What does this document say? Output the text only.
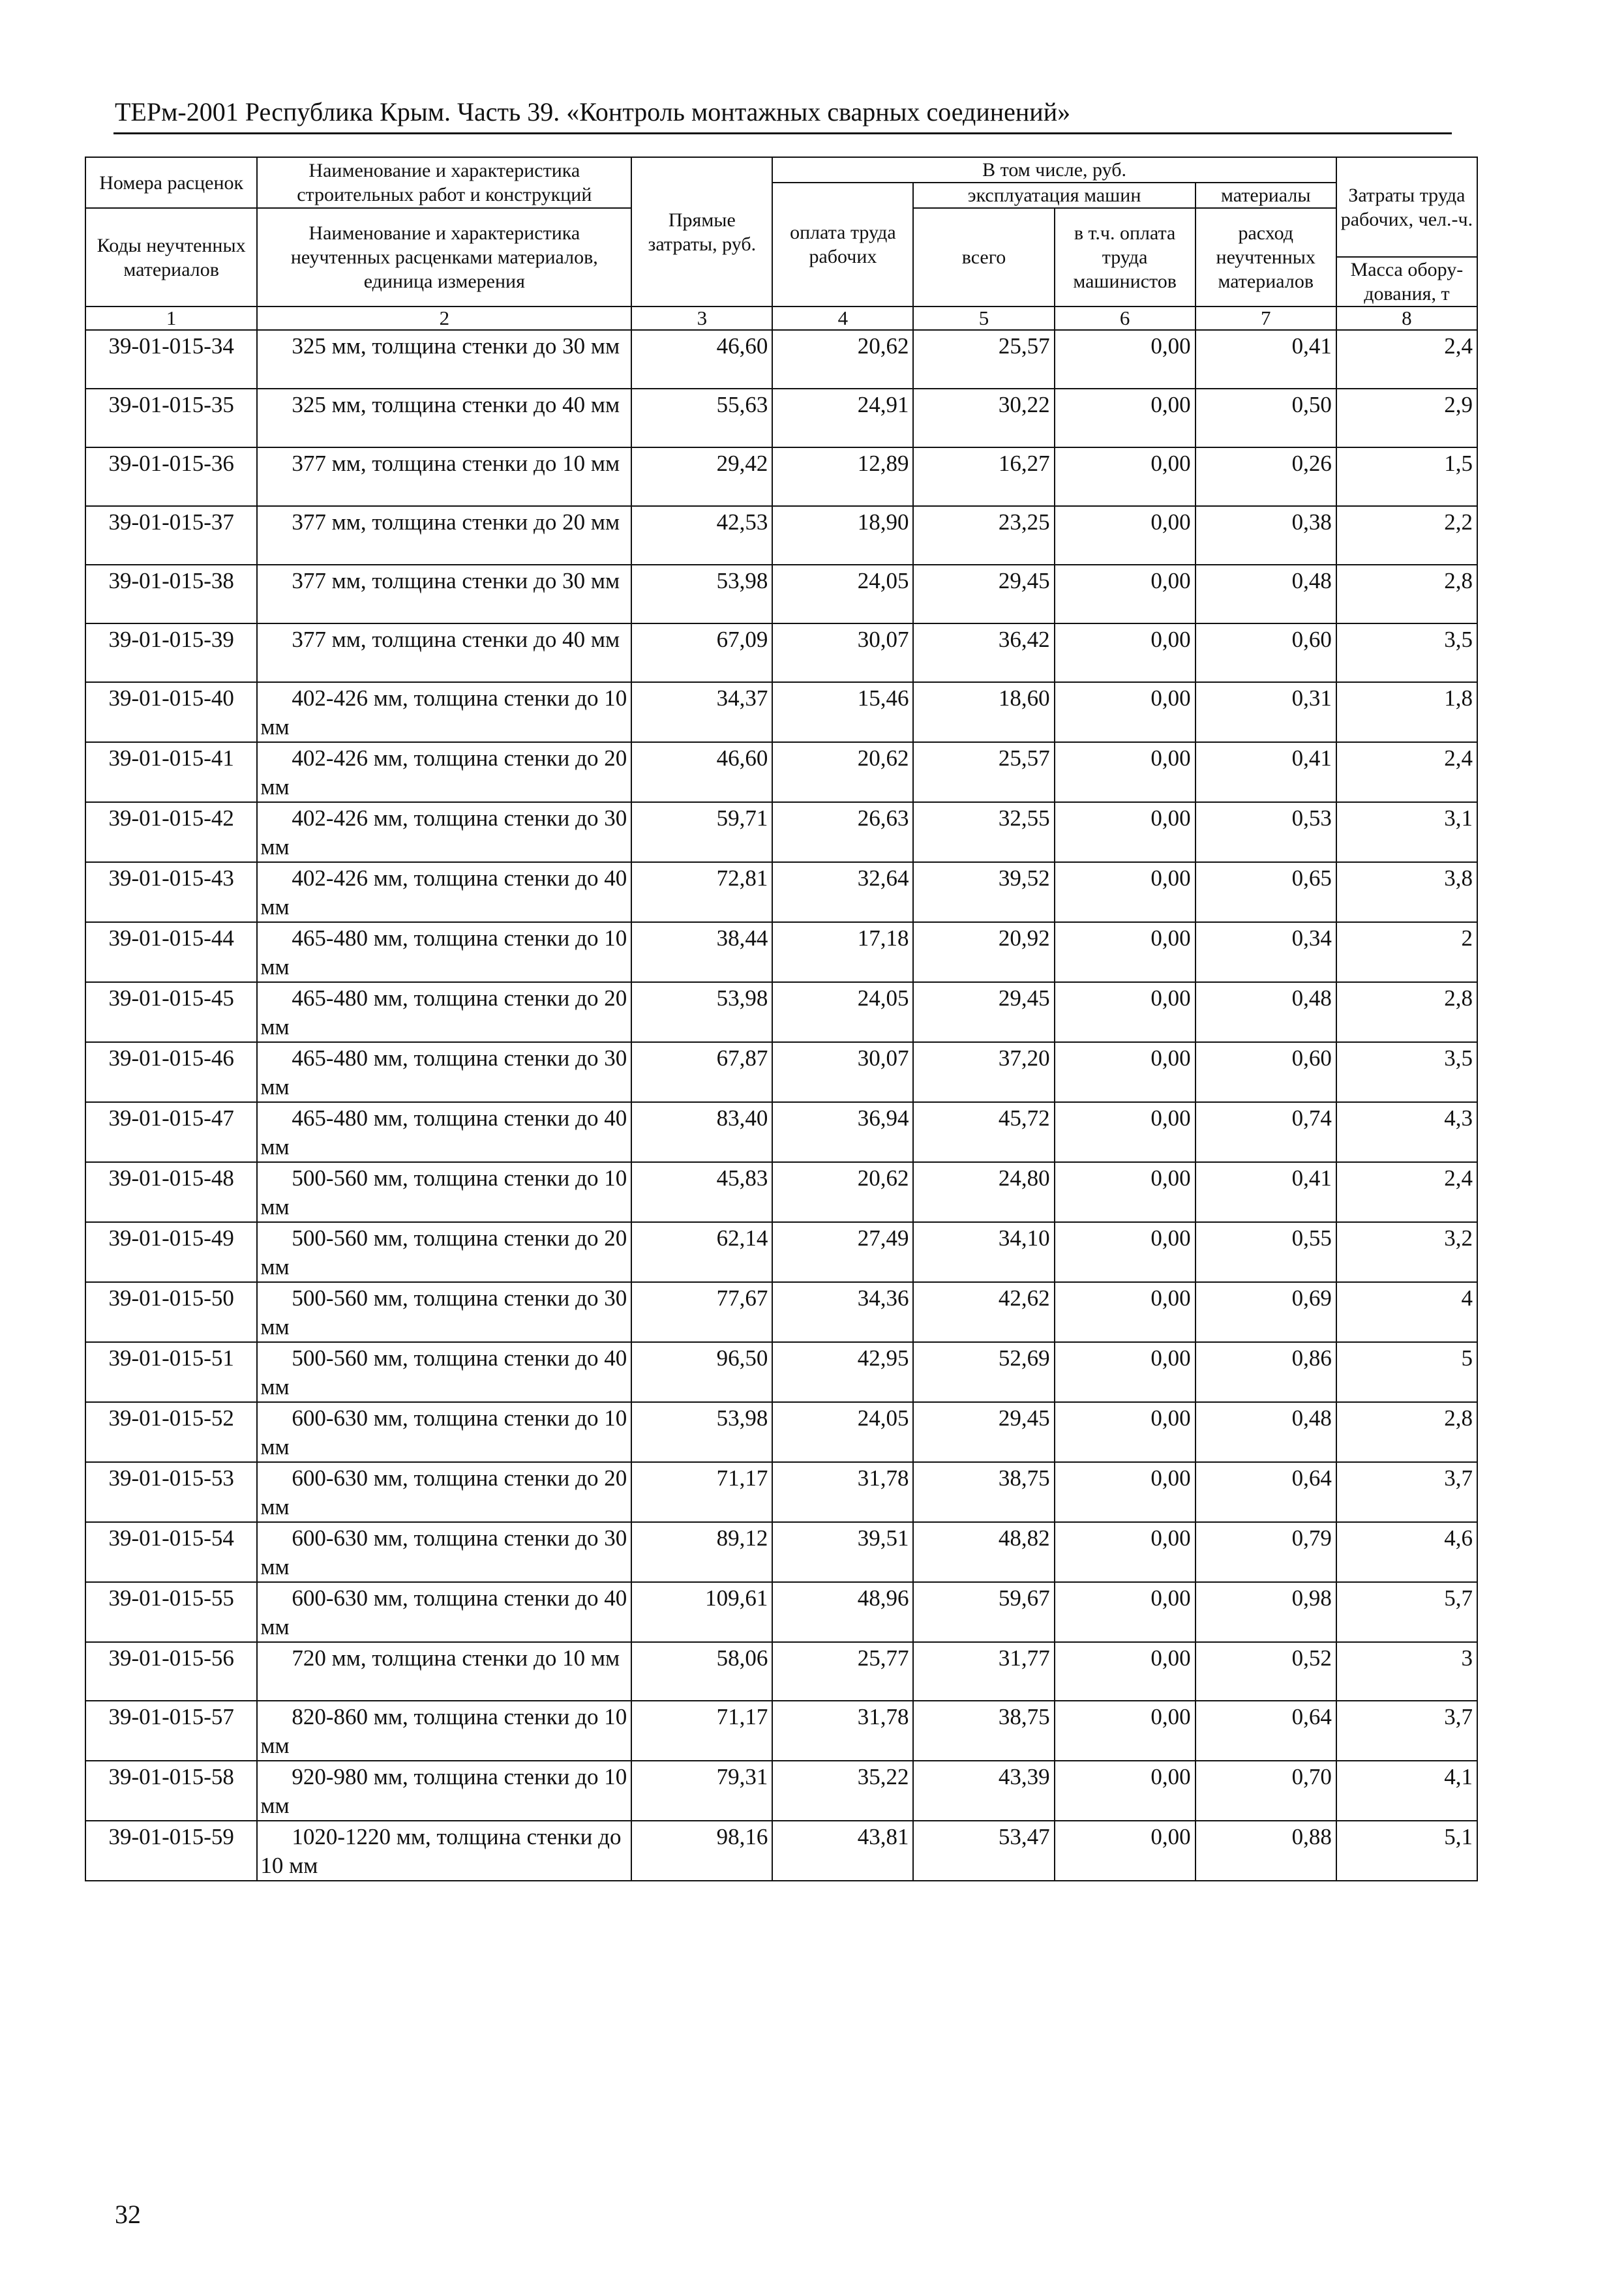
ТЕРм-2001 Республика Крым. Часть 39. «Контроль монтажных сварных соединений»
Номера расценок	Наименование и характеристика строительных работ и конструкций	Прямые затраты, руб.	В том числе, руб.				Затраты труда рабочих, чел.-ч.
			оплата труда рабочих	эксплуатация машин		материалы	
Коды неучтенных материалов	Наименование и характеристика неучтенных расценками материалов, единица измерения			всего	в т.ч. оплата труда машинистов	расход неучтенных материалов	
							Масса обору-дования, т
1	2	3	4	5	6	7	8
39-01-015-34	325 мм, толщина стенки до 30 мм	46,60	20,62	25,57	0,00	0,41	2,4
39-01-015-35	325 мм, толщина стенки до 40 мм	55,63	24,91	30,22	0,00	0,50	2,9
39-01-015-36	377 мм, толщина стенки до 10 мм	29,42	12,89	16,27	0,00	0,26	1,5
39-01-015-37	377 мм, толщина стенки до 20 мм	42,53	18,90	23,25	0,00	0,38	2,2
39-01-015-38	377 мм, толщина стенки до 30 мм	53,98	24,05	29,45	0,00	0,48	2,8
39-01-015-39	377 мм, толщина стенки до 40 мм	67,09	30,07	36,42	0,00	0,60	3,5
39-01-015-40	402-426 мм, толщина стенки до 10 мм	34,37	15,46	18,60	0,00	0,31	1,8
39-01-015-41	402-426 мм, толщина стенки до 20 мм	46,60	20,62	25,57	0,00	0,41	2,4
39-01-015-42	402-426 мм, толщина стенки до 30 мм	59,71	26,63	32,55	0,00	0,53	3,1
39-01-015-43	402-426 мм, толщина стенки до 40 мм	72,81	32,64	39,52	0,00	0,65	3,8
39-01-015-44	465-480 мм, толщина стенки до 10 мм	38,44	17,18	20,92	0,00	0,34	2
39-01-015-45	465-480 мм, толщина стенки до 20 мм	53,98	24,05	29,45	0,00	0,48	2,8
39-01-015-46	465-480 мм, толщина стенки до 30 мм	67,87	30,07	37,20	0,00	0,60	3,5
39-01-015-47	465-480 мм, толщина стенки до 40 мм	83,40	36,94	45,72	0,00	0,74	4,3
39-01-015-48	500-560 мм, толщина стенки до 10 мм	45,83	20,62	24,80	0,00	0,41	2,4
39-01-015-49	500-560 мм, толщина стенки до 20 мм	62,14	27,49	34,10	0,00	0,55	3,2
39-01-015-50	500-560 мм, толщина стенки до 30 мм	77,67	34,36	42,62	0,00	0,69	4
39-01-015-51	500-560 мм, толщина стенки до 40 мм	96,50	42,95	52,69	0,00	0,86	5
39-01-015-52	600-630 мм, толщина стенки до 10 мм	53,98	24,05	29,45	0,00	0,48	2,8
39-01-015-53	600-630 мм, толщина стенки до 20 мм	71,17	31,78	38,75	0,00	0,64	3,7
39-01-015-54	600-630 мм, толщина стенки до 30 мм	89,12	39,51	48,82	0,00	0,79	4,6
39-01-015-55	600-630 мм, толщина стенки до 40 мм	109,61	48,96	59,67	0,00	0,98	5,7
39-01-015-56	720 мм, толщина стенки до 10 мм	58,06	25,77	31,77	0,00	0,52	3
39-01-015-57	820-860 мм, толщина стенки до 10 мм	71,17	31,78	38,75	0,00	0,64	3,7
39-01-015-58	920-980 мм, толщина стенки до 10 мм	79,31	35,22	43,39	0,00	0,70	4,1
39-01-015-59	1020-1220 мм, толщина стенки до 10 мм	98,16	43,81	53,47	0,00	0,88	5,1
32
